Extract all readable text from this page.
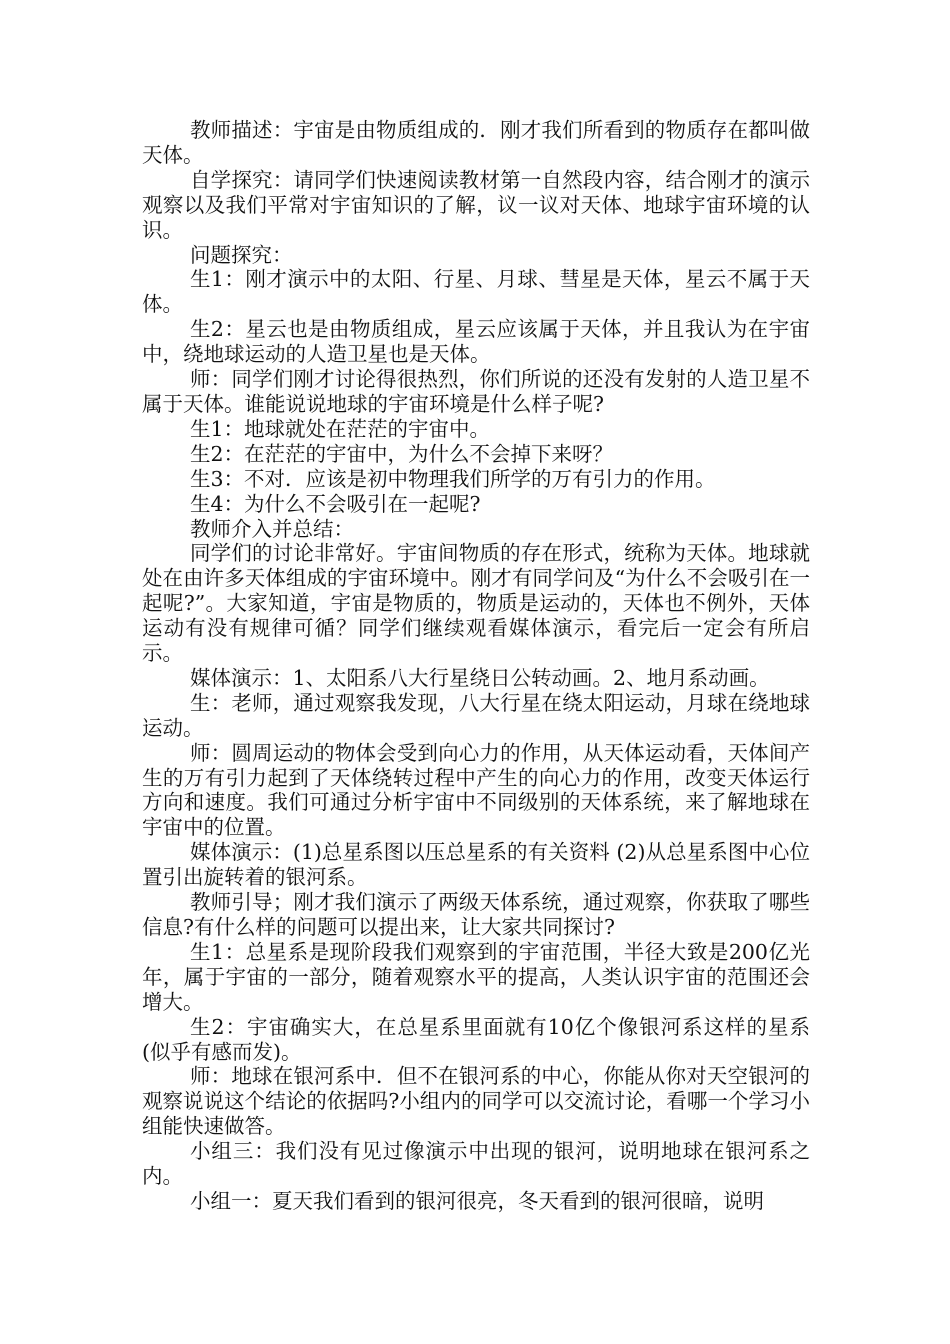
教师描述：宇宙是由物质组成的．刚才我们所看到的物质存在都叫做天体。

自学探究：请同学们快速阅读教材第一自然段内容，结合刚才的演示观察以及我们平常对宇宙知识的了解，议一议对天体、地球宇宙环境的认识。

问题探究：

生1：刚才演示中的太阳、行星、月球、彗星是天体，星云不属于天体。

生2：星云也是由物质组成，星云应该属于天体，并且我认为在宇宙中，绕地球运动的人造卫星也是天体。

师：同学们刚才讨论得很热烈，你们所说的还没有发射的人造卫星不属于天体。谁能说说地球的宇宙环境是什么样子呢?

生1：地球就处在茫茫的宇宙中。

生2：在茫茫的宇宙中，为什么不会掉下来呀？

生3：不对．应该是初中物理我们所学的万有引力的作用。

生4：为什么不会吸引在一起呢?

教师介入并总结：

同学们的讨论非常好。宇宙间物质的存在形式，统称为天体。地球就处在由许多天体组成的宇宙环境中。刚才有同学问及“为什么不会吸引在一起呢?”。大家知道，宇宙是物质的，物质是运动的，天体也不例外，天体运动有没有规律可循？同学们继续观看媒体演示，看完后一定会有所启示。

媒体演示：1、太阳系八大行星绕日公转动画。2、地月系动画。

生：老师，通过观察我发现，八大行星在绕太阳运动，月球在绕地球运动。

师：圆周运动的物体会受到向心力的作用，从天体运动看，天体间产生的万有引力起到了天体绕转过程中产生的向心力的作用，改变天体运行方向和速度。我们可通过分析宇宙中不同级别的天体系统，来了解地球在宇宙中的位置。

媒体演示：(1)总星系图以压总星系的有关资料 (2)从总星系图中心位置引出旋转着的银河系。

教师引导；刚才我们演示了两级天体系统，通过观察，你获取了哪些信息?有什么样的问题可以提出来，让大家共同探讨?

生1：总星系是现阶段我们观察到的宇宙范围，半径大致是200亿光年，属于宇宙的一部分，随着观察水平的提高，人类认识宇宙的范围还会增大。

生2：宇宙确实大，在总星系里面就有10亿个像银河系这样的星系(似乎有感而发)。

师：地球在银河系中．但不在银河系的中心，你能从你对天空银河的观察说说这个结论的依据吗?小组内的同学可以交流讨论，看哪一个学习小组能快速做答。

小组三：我们没有见过像演示中出现的银河，说明地球在银河系之内。

小组一：夏天我们看到的银河很亮，冬天看到的银河很暗，说明
